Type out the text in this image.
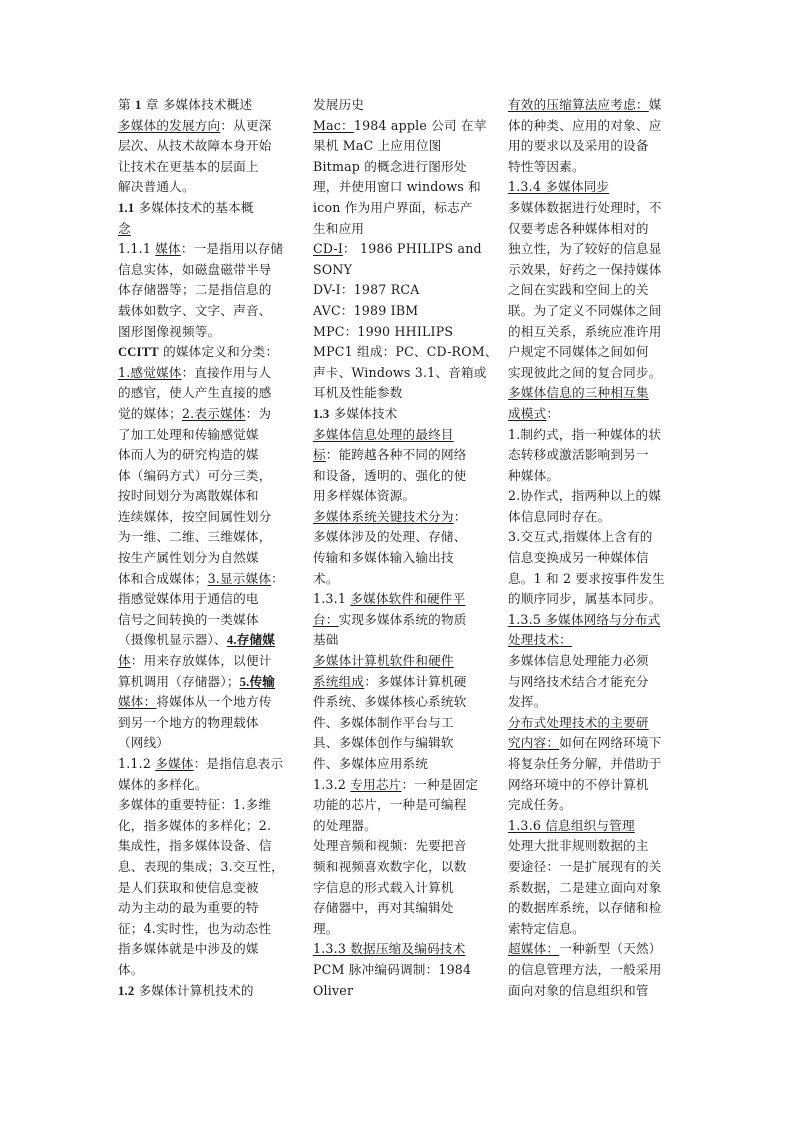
第 1 章 多媒体技术概述
多媒体的发展方向：从更深
层次、从技术故障本身开始
让技术在更基本的层面上
解决普通人。
1.1 多媒体技术的基本概
念
1.1.1 媒体：一是指用以存储
信息实体，如磁盘磁带半导
体存储器等；二是指信息的
载体如数字、文字、声音、
图形图像视频等。
CCITT 的媒体定义和分类：
1.感觉媒体：直接作用与人
的感官，使人产生直接的感
觉的媒体；2.表示媒体：为
了加工处理和传输感觉媒
体而人为的研究构造的媒
体（编码方式）可分三类，
按时间划分为离散媒体和
连续媒体，按空间属性划分
为一维、二维、三维媒体，
按生产属性划分为自然媒
体和合成媒体；3.显示媒体：
指感觉媒体用于通信的电
信号之间转换的一类媒体
（摄像机显示器）、4.存储媒
体：用来存放媒体，以便计
算机调用（存储器）；5.传输
媒体：将媒体从一个地方传
到另一个地方的物理载体
（网线）
1.1.2 多媒体：是指信息表示
媒体的多样化。
多媒体的重要特征：1.多维
化，指多媒体的多样化；2.
集成性，指多媒体设备、信
息、表现的集成；3.交互性，
是人们获取和使信息变被
动为主动的最为重要的特
征；4.实时性，也为动态性
指多媒体就是中涉及的媒
体。
1.2 多媒体计算机技术的
发展历史
Mac：1984 apple 公司 在苹
果机 MaC 上应用位图
Bitmap 的概念进行图形处
理，并使用窗口 windows 和
icon 作为用户界面，标志产
生和应用
CD-I： 1986 PHILIPS and
SONY
DV-I：1987 RCA
AVC：1989 IBM
MPC：1990 HHILIPS
MPC1 组成：PC、CD-ROM、
声卡、Windows 3.1、音箱或
耳机及性能参数
1.3 多媒体技术
多媒体信息处理的最终目
标：能跨越各种不同的网络
和设备，透明的、强化的使
用多样媒体资源。
多媒体系统关键技术分为：
多媒体涉及的处理、存储、
传输和多媒体输入输出技
术。
1.3.1 多媒体软件和硬件平
台：实现多媒体系统的物质
基础
多媒体计算机软件和硬件
系统组成：多媒体计算机硬
件系统、多媒体核心系统软
件、多媒体制作平台与工
具、多媒体创作与编辑软
件、多媒体应用系统
1.3.2 专用芯片：一种是固定
功能的芯片，一种是可编程
的处理器。
处理音频和视频：先要把音
频和视频喜欢数字化，以数
字信息的形式载入计算机
存储器中，再对其编辑处
理。
1.3.3 数据压缩及编码技术
PCM 脉冲编码调制：1984
Oliver
有效的压缩算法应考虑：媒
体的种类、应用的对象、应
用的要求以及采用的设备
特性等因素。
1.3.4 多媒体同步
多媒体数据进行处理时，不
仅要考虑各种媒体相对的
独立性，为了较好的信息显
示效果，好药之一保持媒体
之间在实践和空间上的关
联。为了定义不同媒体之间
的相互关系，系统应准许用
户规定不同媒体之间如何
实现彼此之间的复合同步。
多媒体信息的三种相互集
成模式：
1.制约式，指一种媒体的状
态转移或激活影响到另一
种媒体。
2.协作式，指两种以上的媒
体信息同时存在。
3.交互式,指媒体上含有的
信息变换成另一种媒体信
息。1 和 2 要求按事件发生
的顺序同步，属基本同步。
1.3.5 多媒体网络与分布式
处理技术：
多媒体信息处理能力必须
与网络技术结合才能充分
发挥。
分布式处理技术的主要研
究内容：如何在网络环境下
将复杂任务分解，并借助于
网络环境中的不停计算机
完成任务。
1.3.6 信息组织与管理
处理大批非规则数据的主
要途径：一是扩展现有的关
系数据，二是建立面向对象
的数据库系统，以存储和检
索特定信息。
超媒体：一种新型（天然）
的信息管理方法，一般采用
面向对象的信息组织和管
